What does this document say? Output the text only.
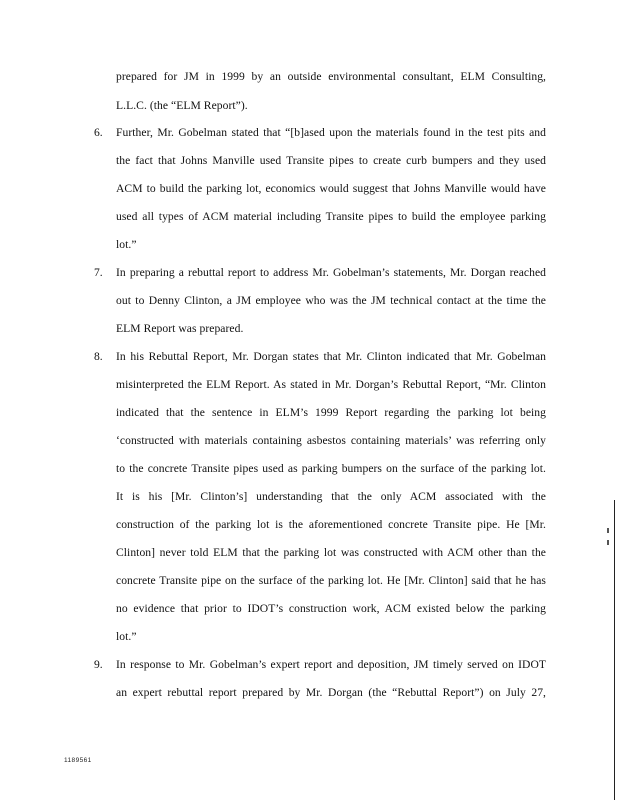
prepared for JM in 1999 by an outside environmental consultant, ELM Consulting,
L.L.C. (the “ELM Report”).
6. Further, Mr. Gobelman stated that “[b]ased upon the materials found in the test pits and
the fact that Johns Manville used Transite pipes to create curb bumpers and they used
ACM to build the parking lot, economics would suggest that Johns Manville would have
used all types of ACM material including Transite pipes to build the employee parking
lot.”
7. In preparing a rebuttal report to address Mr. Gobelman’s statements, Mr. Dorgan reached
out to Denny Clinton, a JM employee who was the JM technical contact at the time the
ELM Report was prepared.
8. In his Rebuttal Report, Mr. Dorgan states that Mr. Clinton indicated that Mr. Gobelman
misinterpreted the ELM Report. As stated in Mr. Dorgan’s Rebuttal Report, “Mr. Clinton
indicated that the sentence in ELM’s 1999 Report regarding the parking lot being
‘constructed with materials containing asbestos containing materials’ was referring only
to the concrete Transite pipes used as parking bumpers on the surface of the parking lot.
It is his [Mr. Clinton’s] understanding that the only ACM associated with the
construction of the parking lot is the aforementioned concrete Transite pipe. He [Mr.
Clinton] never told ELM that the parking lot was constructed with ACM other than the
concrete Transite pipe on the surface of the parking lot. He [Mr. Clinton] said that he has
no evidence that prior to IDOT’s construction work, ACM existed below the parking
lot.”
9. In response to Mr. Gobelman’s expert report and deposition, JM timely served on IDOT
an expert rebuttal report prepared by Mr. Dorgan (the “Rebuttal Report”) on July 27,
1189561
